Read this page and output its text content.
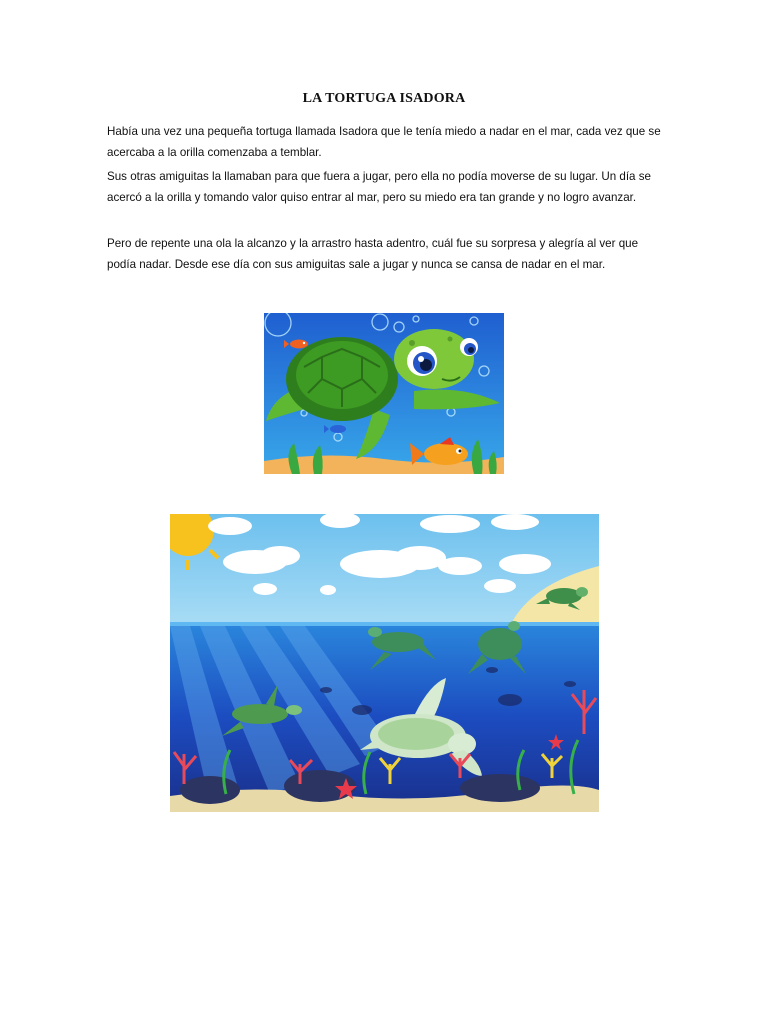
LA TORTUGA ISADORA

Había una vez una pequeña tortuga llamada Isadora que le tenía miedo a nadar en el mar, cada vez que se acercaba a la orilla comenzaba a temblar.

Sus otras amiguitas la llamaban para que fuera a jugar, pero ella no podía moverse de su lugar. Un día se acercó a la orilla y tomando valor quiso entrar al mar, pero su miedo era tan grande y no logro avanzar.

Pero de repente una ola la alcanzo y la arrastro hasta adentro, cuál fue su sorpresa y alegría al ver que podía nadar. Desde ese día con sus amiguitas sale a jugar y nunca se cansa de nadar en el mar.
